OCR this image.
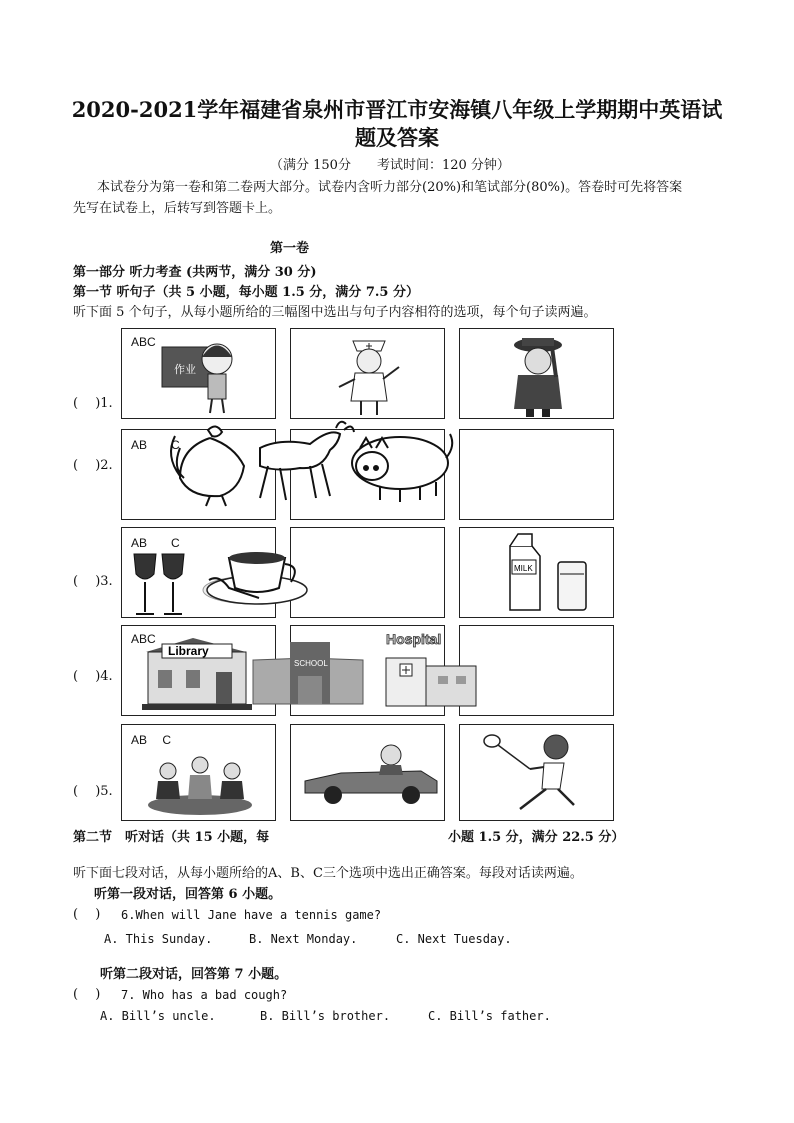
2020-2021学年福建省泉州市晋江市安海镇八年级上学期期中英语试
题及答案
（满分 150分　　考试时间：120 分钟）
本试卷分为第一卷和第二卷两大部分。试卷内含听力部分(20%)和笔试部分(80%)。答卷时可先将答案
先写在试卷上，后转写到答题卡上。
第一卷
第一部分 听力考查 (共两节，满分 30 分)
第一节 听句子（共 5 小题，每小题 1.5 分，满分 7.5 分）
听下面 5 个句子，从每小题所给的三幅图中选出与句子内容相符的选项，每个句子读两遍。
(　 )1.
ABC
作业
(　 )2.
AB　　C
(　 )3.
AB　　C
MILK
(　 )4.
ABC
Library
SCHOOL
Hospital
(　 )5.
AB　 C
第二节　听对话（共 15 小题，每	小题 1.5 分，满分 22.5 分）
听下面七段对话，从每小题所给的A、B、C三个选项中选出正确答案。每段对话读两遍。
听第一段对话，回答第 6 小题。
(　 ) 6.When will Jane have a tennis game?
A. This Sunday.	B. Next Monday.	C. Next Tuesday.
听第二段对话，回答第 7 小题。
(　 ) 7. Who has a bad cough?
A. Bill’s uncle.	B. Bill’s brother.	C. Bill’s father.
